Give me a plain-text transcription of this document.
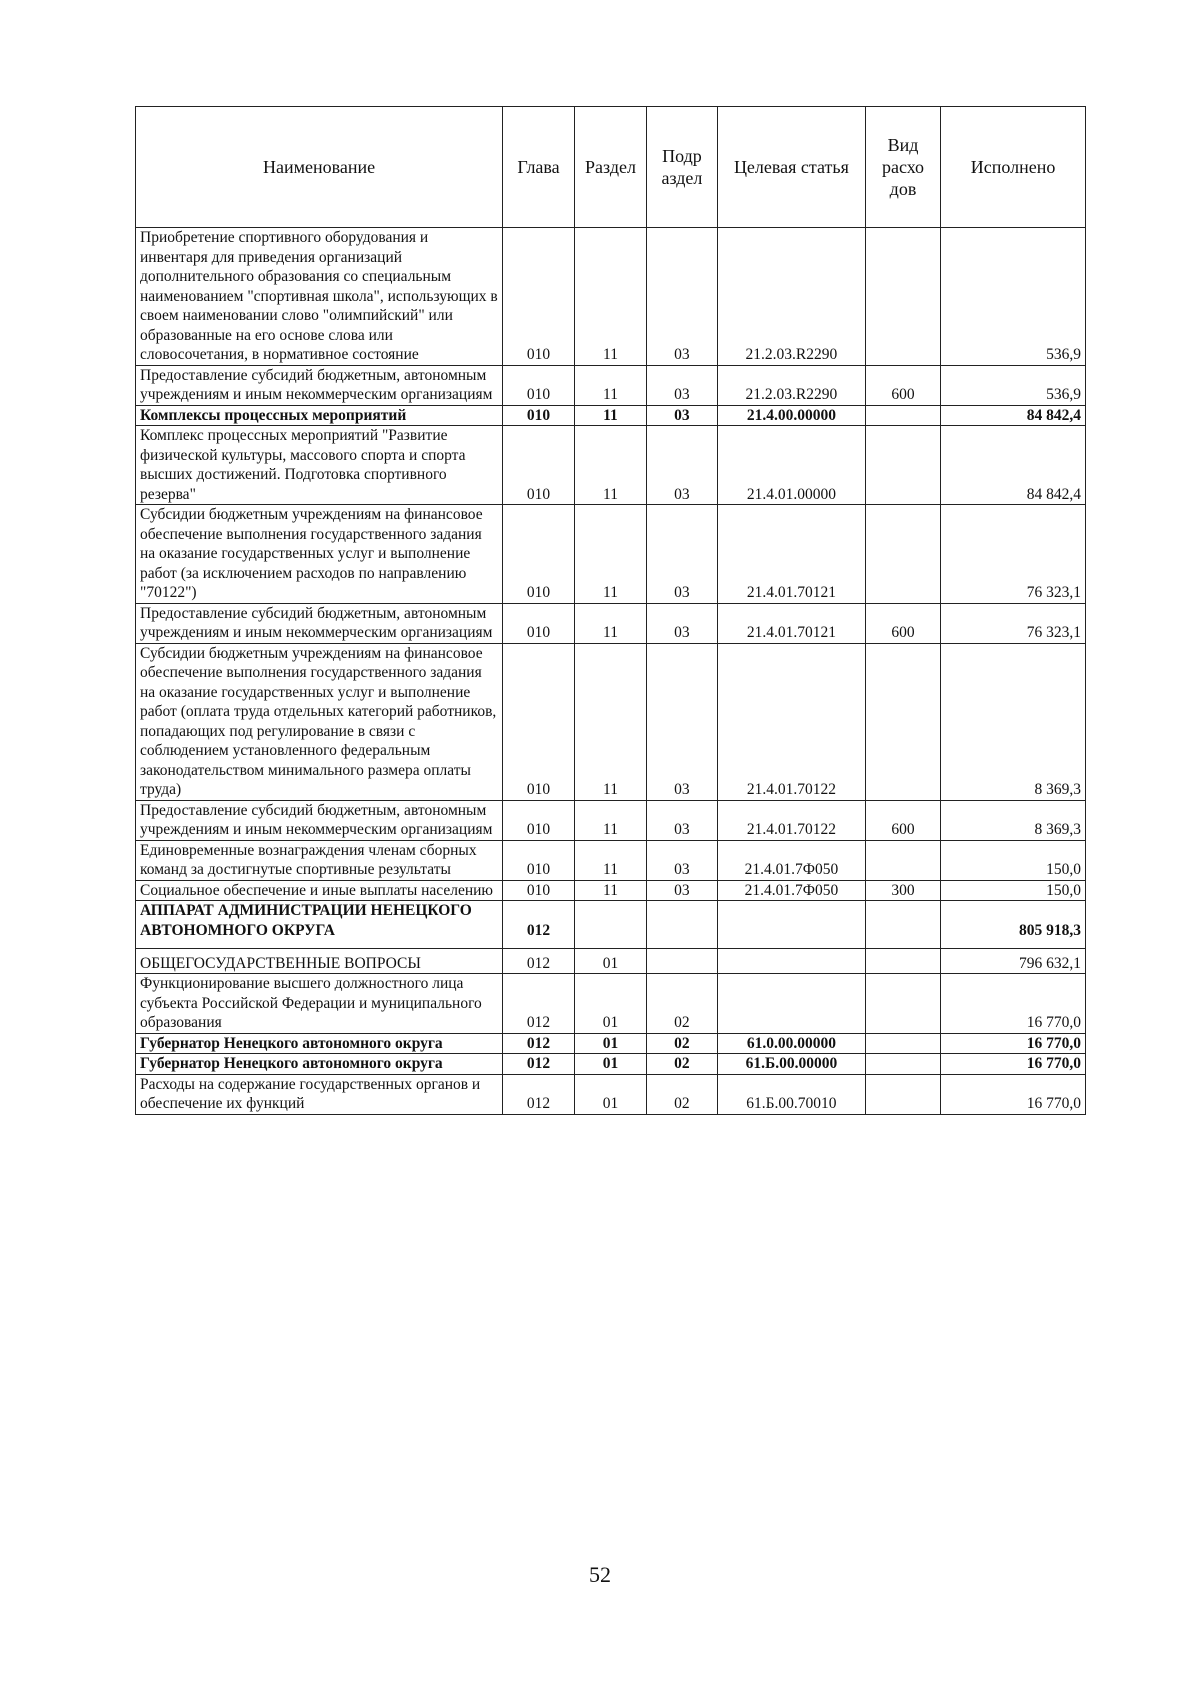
Наименование	Глава	Раздел	Подр аздел	Целевая статья	Вид расхо дов	Исполнено
Приобретение спортивного оборудования и инвентаря для приведения организаций дополнительного образования со специальным наименованием "спортивная школа", использующих в своем наименовании слово "олимпийский" или образованные на его основе слова или словосочетания, в нормативное состояние	010	11	03	21.2.03.R2290		536,9
Предоставление субсидий бюджетным, автономным учреждениям и иным некоммерческим организациям	010	11	03	21.2.03.R2290	600	536,9
Комплексы процессных мероприятий	010	11	03	21.4.00.00000		84 842,4
Комплекс процессных мероприятий "Развитие физической культуры, массового спорта и спорта высших достижений. Подготовка спортивного резерва"	010	11	03	21.4.01.00000		84 842,4
Субсидии бюджетным учреждениям на финансовое обеспечение выполнения государственного задания на оказание государственных услуг и выполнение работ (за исключением расходов по направлению "70122")	010	11	03	21.4.01.70121		76 323,1
Предоставление субсидий бюджетным, автономным учреждениям и иным некоммерческим организациям	010	11	03	21.4.01.70121	600	76 323,1
Субсидии бюджетным учреждениям на финансовое обеспечение выполнения государственного задания на оказание государственных услуг и выполнение работ (оплата труда отдельных категорий работников, попадающих под регулирование в связи с соблюдением установленного федеральным законодательством минимального размера оплаты труда)	010	11	03	21.4.01.70122		8 369,3
Предоставление субсидий бюджетным, автономным учреждениям и иным некоммерческим организациям	010	11	03	21.4.01.70122	600	8 369,3
Единовременные вознаграждения членам сборных команд за достигнутые спортивные результаты	010	11	03	21.4.01.7Ф050		150,0
Социальное обеспечение и иные выплаты населению	010	11	03	21.4.01.7Ф050	300	150,0
АППАРАТ АДМИНИСТРАЦИИ НЕНЕЦКОГО АВТОНОМНОГО ОКРУГА	012					805 918,3
ОБЩЕГОСУДАРСТВЕННЫЕ ВОПРОСЫ	012	01				796 632,1
Функционирование высшего должностного лица субъекта Российской Федерации и муниципального образования	012	01	02			16 770,0
Губернатор Ненецкого автономного округа	012	01	02	61.0.00.00000		16 770,0
Губернатор Ненецкого автономного округа	012	01	02	61.Б.00.00000		16 770,0
Расходы на содержание государственных органов и обеспечение их функций	012	01	02	61.Б.00.70010		16 770,0
52
